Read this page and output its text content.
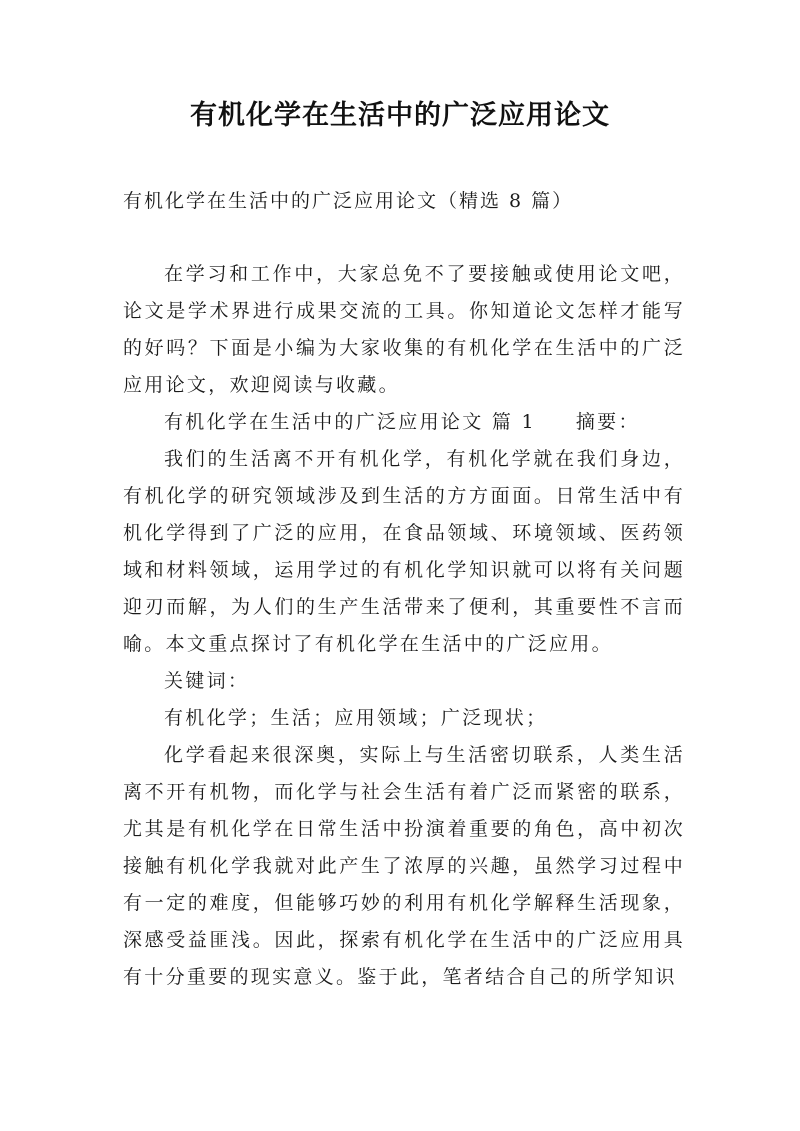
有机化学在生活中的广泛应用论文
有机化学在生活中的广泛应用论文（精选 8 篇）

在学习和工作中，大家总免不了要接触或使用论文吧，论文是学术界进行成果交流的工具。你知道论文怎样才能写的好吗？下面是小编为大家收集的有机化学在生活中的广泛应用论文，欢迎阅读与收藏。

有机化学在生活中的广泛应用论文 篇 1 摘要：

我们的生活离不开有机化学，有机化学就在我们身边，有机化学的研究领域涉及到生活的方方面面。日常生活中有机化学得到了广泛的应用，在食品领域、环境领域、医药领域和材料领域，运用学过的有机化学知识就可以将有关问题迎刃而解，为人们的生产生活带来了便利，其重要性不言而喻。本文重点探讨了有机化学在生活中的广泛应用。

关键词：

有机化学；生活；应用领域；广泛现状；

化学看起来很深奥，实际上与生活密切联系，人类生活离不开有机物，而化学与社会生活有着广泛而紧密的联系，尤其是有机化学在日常生活中扮演着重要的角色，高中初次接触有机化学我就对此产生了浓厚的兴趣，虽然学习过程中有一定的难度，但能够巧妙的利用有机化学解释生活现象，深感受益匪浅。因此，探索有机化学在生活中的广泛应用具有十分重要的现实意义。鉴于此，笔者结合自己的所学知识
